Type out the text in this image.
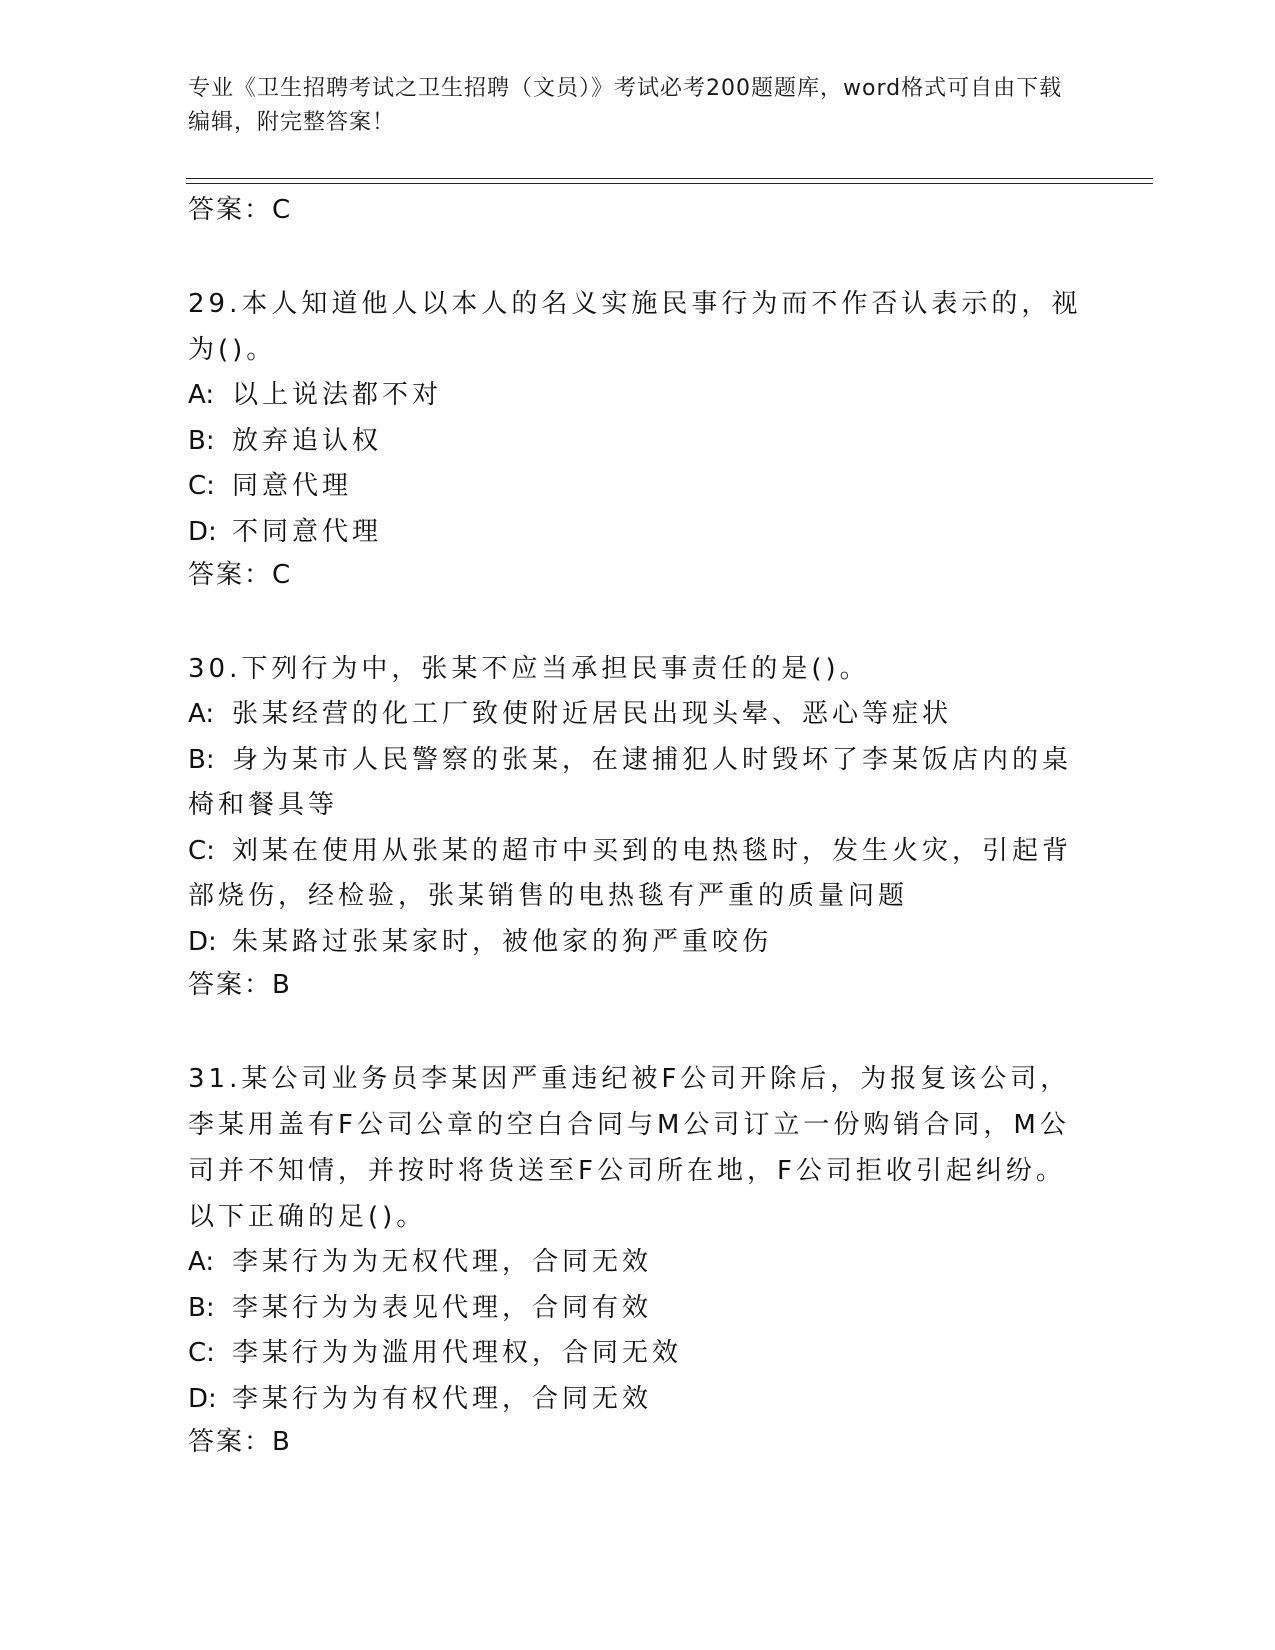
专业《卫生招聘考试之卫生招聘（文员）》考试必考200题题库，word格式可自由下载编辑，附完整答案！
答案：C
29.本人知道他人以本人的名义实施民事行为而不作否认表示的，视为()。
A: 以上说法都不对
B: 放弃追认权
C: 同意代理
D: 不同意代理
答案：C
30.下列行为中，张某不应当承担民事责任的是()。
A: 张某经营的化工厂致使附近居民出现头晕、恶心等症状
B: 身为某市人民警察的张某，在逮捕犯人时毁坏了李某饭店内的桌椅和餐具等
C: 刘某在使用从张某的超市中买到的电热毯时，发生火灾，引起背部烧伤，经检验，张某销售的电热毯有严重的质量问题
D: 朱某路过张某家时，被他家的狗严重咬伤
答案：B
31.某公司业务员李某因严重违纪被F公司开除后，为报复该公司，李某用盖有F公司公章的空白合同与M公司订立一份购销合同，M公司并不知情，并按时将货送至F公司所在地，F公司拒收引起纠纷。以下正确的足()。
A: 李某行为为无权代理，合同无效
B: 李某行为为表见代理，合同有效
C: 李某行为为滥用代理权，合同无效
D: 李某行为为有权代理，合同无效
答案：B
